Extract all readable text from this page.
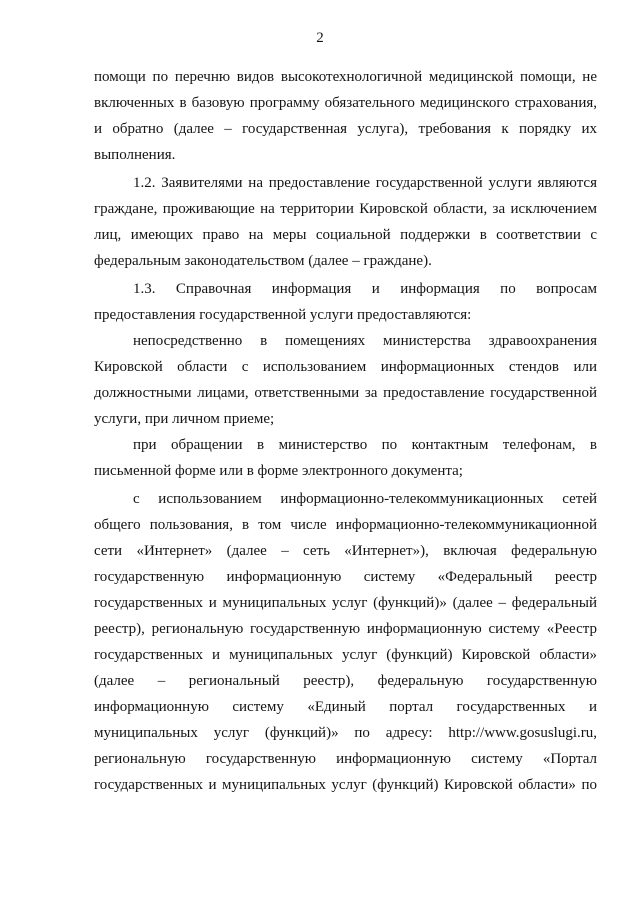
2
помощи по перечню видов высокотехнологичной медицинской помощи, не
включенных в базовую программу обязательного медицинского страхования,
и обратно (далее – государственная услуга), требования к порядку их
выполнения.
1.2. Заявителями на предоставление государственной услуги являются
граждане, проживающие на территории Кировской области, за исключением
лиц, имеющих право на меры социальной поддержки в соответствии с
федеральным законодательством (далее – граждане).
1.3. Справочная информация и информация по вопросам
предоставления государственной услуги предоставляются:
непосредственно в помещениях министерства здравоохранения
Кировской области с использованием информационных стендов или
должностными лицами, ответственными за предоставление государственной
услуги, при личном приеме;
при обращении в министерство по контактным телефонам, в
письменной форме или в форме электронного документа;
с использованием информационно-телекоммуникационных сетей
общего пользования, в том числе информационно-телекоммуникационной
сети «Интернет» (далее – сеть «Интернет»), включая федеральную
государственную информационную систему «Федеральный реестр
государственных и муниципальных услуг (функций)» (далее – федеральный
реестр), региональную государственную информационную систему «Реестр
государственных и муниципальных услуг (функций) Кировской области»
(далее – региональный реестр), федеральную государственную
информационную систему «Единый портал государственных и
муниципальных услуг (функций)» по адресу: http://www.gosuslugi.ru,
региональную государственную информационную систему «Портал
государственных и муниципальных услуг (функций) Кировской области» по
